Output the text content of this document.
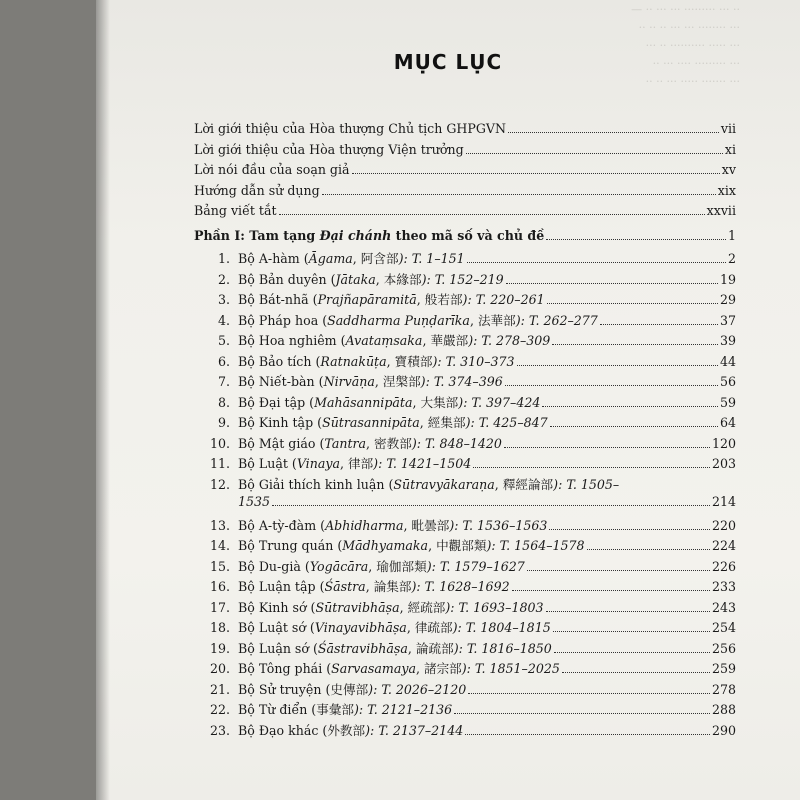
— ·· ··· ··· ········· ··· ··
·· ·· ·· ··· ··· ········ ···
··· ·· ·········· ····· ···
·· ··· ···· ········· ···
·· ·· ··· ····· ······· ···
MỤC LỤC
Lời giới thiệu của Hòa thượng Chủ tịch GHPGVN	vii
Lời giới thiệu của Hòa thượng Viện trưởng	xi
Lời nói đầu của soạn giả	xv
Hướng dẫn sử dụng	xix
Bảng viết tắt	xxvii
Phần I: Tam tạng Đại chánh theo mã số và chủ đề	1
1. Bộ A-hàm (Āgama, 阿含部): T. 1–151	2
2. Bộ Bản duyên (Jātaka, 本緣部): T. 152–219	19
3. Bộ Bát-nhã (Prajñapāramitā, 般若部): T. 220–261	29
4. Bộ Pháp hoa (Saddharma Puṇḍarīka, 法華部): T. 262–277	37
5. Bộ Hoa nghiêm (Avataṃsaka, 華嚴部): T. 278–309	39
6. Bộ Bảo tích (Ratnakūṭa, 寶積部): T. 310–373	44
7. Bộ Niết-bàn (Nirvāṇa, 涅槃部): T. 374–396	56
8. Bộ Đại tập (Mahāsannipāta, 大集部): T. 397–424	59
9. Bộ Kinh tập (Sūtrasannipāta, 經集部): T. 425–847	64
10. Bộ Mật giáo (Tantra, 密教部): T. 848–1420	120
11. Bộ Luật (Vinaya, 律部): T. 1421–1504	203
12. Bộ Giải thích kinh luận (Sūtravyākaraṇa, 釋經論部): T. 1505–
1535	214
13. Bộ A-tỳ-đàm (Abhidharma, 毗曇部): T. 1536–1563	220
14. Bộ Trung quán (Mādhyamaka, 中觀部類): T. 1564–1578	224
15. Bộ Du-già (Yogācāra, 瑜伽部類): T. 1579–1627	226
16. Bộ Luận tập (Śāstra, 論集部): T. 1628–1692	233
17. Bộ Kinh sớ (Sūtravibhāṣa, 經疏部): T. 1693–1803	243
18. Bộ Luật sớ (Vinayavibhāṣa, 律疏部): T. 1804–1815	254
19. Bộ Luận sớ (Śāstravibhāṣa, 論疏部): T. 1816–1850	256
20. Bộ Tông phái (Sarvasamaya, 諸宗部): T. 1851–2025	259
21. Bộ Sử truyện (史傳部): T. 2026–2120	278
22. Bộ Từ điển (事彙部): T. 2121–2136	288
23. Bộ Đạo khác (外教部): T. 2137–2144	290
